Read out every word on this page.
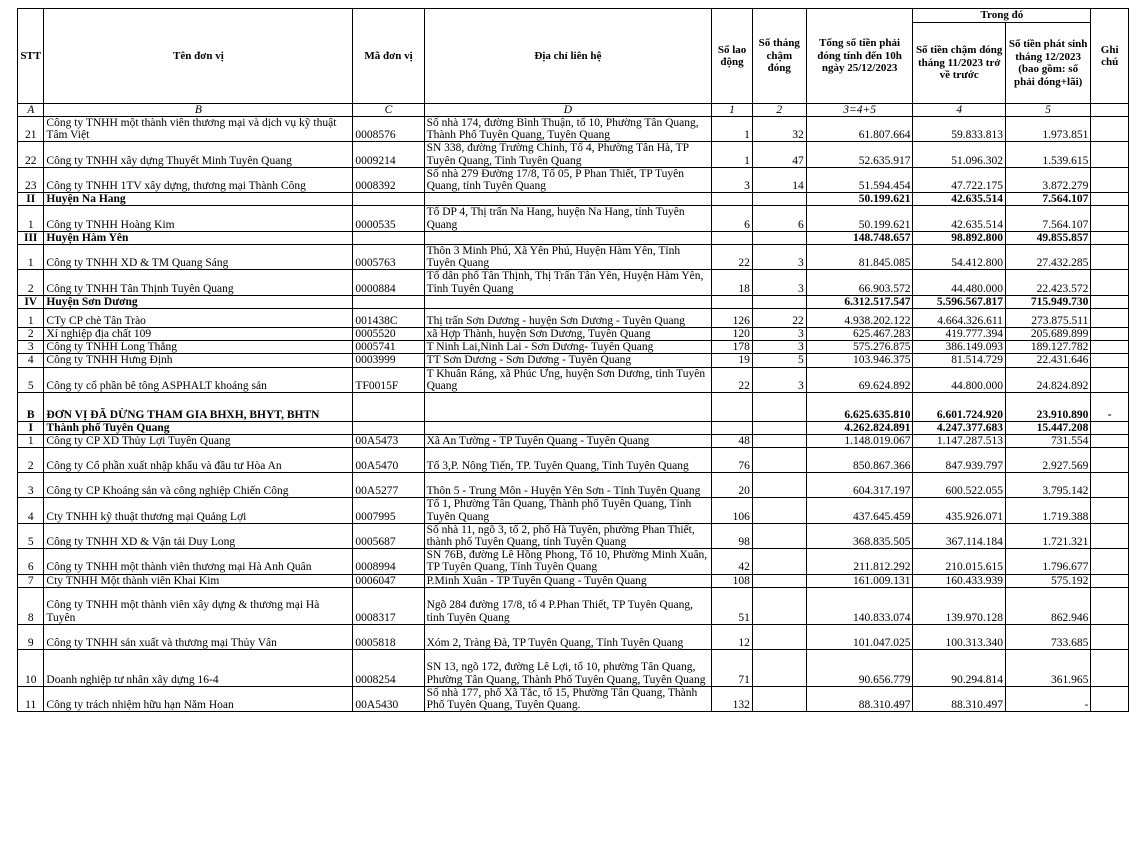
STT	Tên đơn vị	Mã đơn vị	Địa chỉ liên hệ	Số lao động	Số tháng chậm đóng	Tổng số tiền phải đóng tính đến 10h ngày 25/12/2023	Trong đó		Ghi chú
							Số tiền chậm đóng tháng 11/2023 trở về trước	Số tiền phát sinh tháng 12/2023 (bao gồm: số phải đóng+lãi)	
A	B	C	D	1	2	3=4+5	4	5	
21	Công ty TNHH một thành viên thương mại và dịch vụ kỹ thuật Tâm Việt	0008576	Số nhà 174, đường Bình Thuận, tổ 10, Phường Tân Quang, Thành Phố Tuyên Quang, Tuyên Quang	1	32	61.807.664	59.833.813	1.973.851	
22	Công ty TNHH xây dựng Thuyết Minh Tuyên Quang	0009214	SN 338, đường Trường Chinh, Tổ 4, Phường Tân Hà, TP Tuyên Quang, Tỉnh Tuyên Quang	1	47	52.635.917	51.096.302	1.539.615	
23	Công ty TNHH 1TV xây dựng, thương mại Thành Công	0008392	Số nhà 279 Đường 17/8, Tổ 05, P Phan Thiết, TP Tuyên Quang, tỉnh Tuyên Quang	3	14	51.594.454	47.722.175	3.872.279	
II	Huyện Na Hang					50.199.621	42.635.514	7.564.107	
1	Công ty TNHH Hoàng Kim	0000535	Tổ DP 4, Thị trấn Na Hang, huyện Na Hang, tỉnh Tuyên Quang	6	6	50.199.621	42.635.514	7.564.107	
III	Huyện Hàm Yên					148.748.657	98.892.800	49.855.857	
1	Công ty TNHH XD & TM Quang Sáng	0005763	Thôn 3 Minh Phú, Xã Yên Phú, Huyện Hàm Yên, Tỉnh Tuyên Quang	22	3	81.845.085	54.412.800	27.432.285	
2	Công ty TNHH Tân Thịnh Tuyên Quang	0000884	Tổ dân phố Tân Thịnh, Thị Trấn Tân Yên, Huyện Hàm Yên, Tỉnh Tuyên Quang	18	3	66.903.572	44.480.000	22.423.572	
IV	Huyện Sơn Dương					6.312.517.547	5.596.567.817	715.949.730	
1	CTy CP chè Tân Trào	001438C	Thị trấn Sơn Dương - huyện Sơn Dương - Tuyên Quang	126	22	4.938.202.122	4.664.326.611	273.875.511	
2	Xí nghiệp địa chất 109	0005520	xã Hợp Thành, huyện Sơn Dương, Tuyên Quang	120	3	625.467.283	419.777.394	205.689.899	
3	Công ty TNHH Long Thắng	0005741	T Ninh Lai,Ninh Lai - Sơn Dương- Tuyên Quang	178	3	575.276.875	386.149.093	189.127.782	
4	Công ty TNHH Hưng Định	0003999	TT Sơn Dương - Sơn Dương - Tuyên Quang	19	5	103.946.375	81.514.729	22.431.646	
5	Công ty cổ phần bê tông ASPHALT khoáng sản	TF0015F	T Khuân Ráng, xã Phúc Ứng, huyện Sơn Dương, tỉnh Tuyên Quang	22	3	69.624.892	44.800.000	24.824.892	
B	ĐƠN VỊ ĐÃ DỪNG THAM GIA BHXH, BHYT, BHTN					6.625.635.810	6.601.724.920	23.910.890	-
I	Thành phố Tuyên Quang					4.262.824.891	4.247.377.683	15.447.208	
1	Công ty CP XD Thủy Lợi Tuyên Quang	00A5473	Xã An Tường - TP Tuyên Quang - Tuyên Quang	48		1.148.019.067	1.147.287.513	731.554	
2	Công ty Cổ phần xuất nhập khẩu và đầu tư Hòa An	00A5470	Tổ 3,P. Nông Tiến, TP. Tuyên Quang, Tỉnh Tuyên Quang	76		850.867.366	847.939.797	2.927.569	
3	Công ty CP Khoáng sản và công nghiệp Chiến Công	00A5277	Thôn 5 - Trung Môn - Huyện Yên Sơn - Tỉnh Tuyên Quang	20		604.317.197	600.522.055	3.795.142	
4	Cty TNHH kỹ thuật thương mại Quảng Lợi	0007995	Tổ 1, Phường Tân Quang, Thành phố Tuyên Quang, Tỉnh Tuyên Quang	106		437.645.459	435.926.071	1.719.388	
5	Công ty TNHH XD & Vận tải Duy Long	0005687	Số nhà 11, ngõ 3, tổ 2, phố Hà Tuyên, phường Phan Thiết, thành phố Tuyên Quang, tỉnh Tuyên Quang	98		368.835.505	367.114.184	1.721.321	
6	Công ty TNHH một thành viên thương mại Hà Anh Quân	0008994	SN 76B, đường Lê Hồng Phong, Tổ 10, Phường Minh Xuân, TP Tuyên Quang, Tỉnh Tuyên Quang	42		211.812.292	210.015.615	1.796.677	
7	Cty TNHH Một thành viên Khai Kim	0006047	P.Minh Xuân - TP Tuyên Quang - Tuyên Quang	108		161.009.131	160.433.939	575.192	
8	Công ty TNHH một thành viên xây dựng & thương mại Hà Tuyên	0008317	Ngõ 284 đường 17/8, tổ 4 P.Phan Thiết, TP Tuyên Quang, tỉnh Tuyên Quang	51		140.833.074	139.970.128	862.946	
9	Công ty TNHH sản xuất và thương mại Thủy Vân	0005818	Xóm 2, Tràng Đà, TP Tuyên Quang, Tỉnh Tuyên Quang	12		101.047.025	100.313.340	733.685	
10	Doanh nghiệp tư nhân xây dựng 16-4	0008254	SN 13, ngõ 172, đường Lê Lợi, tổ 10, phường Tân Quang, Phường Tân Quang, Thành Phố Tuyên Quang, Tuyên Quang	71		90.656.779	90.294.814	361.965	
11	Công ty trách nhiệm hữu hạn Năm Hoan	00A5430	Số nhà 177, phố Xã Tắc, tổ 15, Phường Tân Quang, Thành Phố Tuyên Quang, Tuyên Quang.	132		88.310.497	88.310.497	-	
